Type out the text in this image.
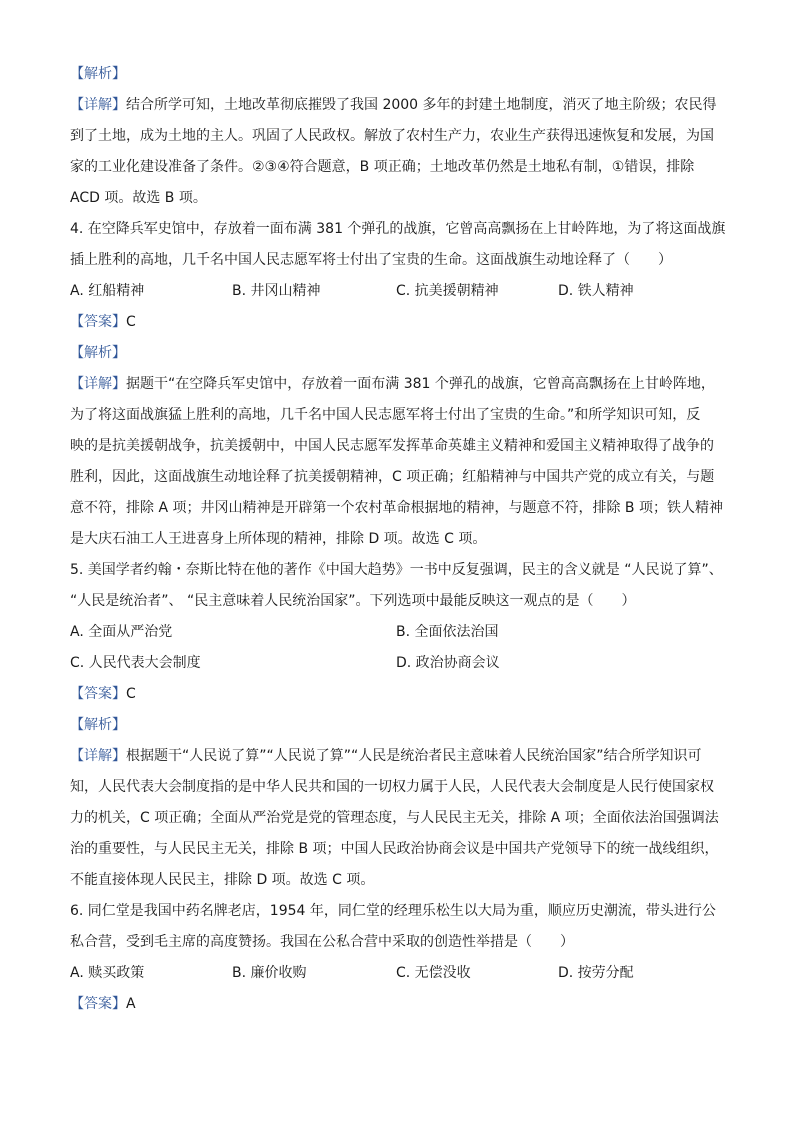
【解析】
【详解】结合所学可知，土地改革彻底摧毁了我国 2000 多年的封建土地制度，消灭了地主阶级；农民得
到了土地，成为土地的主人。巩固了人民政权。解放了农村生产力，农业生产获得迅速恢复和发展，为国
家的工业化建设准备了条件。②③④符合题意，B 项正确；土地改革仍然是土地私有制，①错误，排除
ACD 项。故选 B 项。
4. 在空降兵军史馆中，存放着一面布满 381 个弹孔的战旗，它曾高高飘扬在上甘岭阵地，为了将这面战旗
插上胜利的高地，几千名中国人民志愿军将士付出了宝贵的生命。这面战旗生动地诠释了（　　）
A. 红船精神	B. 井冈山精神	C. 抗美援朝精神	D. 铁人精神
【答案】C
【解析】
【详解】据题干“在空降兵军史馆中，存放着一面布满 381 个弹孔的战旗，它曾高高飘扬在上甘岭阵地，
为了将这面战旗猛上胜利的高地，几千名中国人民志愿军将士付出了宝贵的生命。”和所学知识可知，反
映的是抗美援朝战争，抗美援朝中，中国人民志愿军发挥革命英雄主义精神和爱国主义精神取得了战争的
胜利，因此，这面战旗生动地诠释了抗美援朝精神，C 项正确；红船精神与中国共产党的成立有关，与题
意不符，排除 A 项；井冈山精神是开辟第一个农村革命根据地的精神，与题意不符，排除 B 项；铁人精神
是大庆石油工人王进喜身上所体现的精神，排除 D 项。故选 C 项。
5. 美国学者约翰・奈斯比特在他的著作《中国大趋势》一书中反复强调，民主的含义就是 “人民说了算”、
“人民是统治者”、 “民主意味着人民统治国家”。下列选项中最能反映这一观点的是（　　）
A. 全面从严治党	B. 全面依法治国
C. 人民代表大会制度	D. 政治协商会议
【答案】C
【解析】
【详解】根据题干“人民说了算”“人民说了算”“人民是统治者民主意味着人民统治国家”结合所学知识可
知，人民代表大会制度指的是中华人民共和国的一切权力属于人民，人民代表大会制度是人民行使国家权
力的机关，C 项正确；全面从严治党是党的管理态度，与人民民主无关，排除 A 项；全面依法治国强调法
治的重要性，与人民民主无关，排除 B 项；中国人民政治协商会议是中国共产党领导下的统一战线组织，
不能直接体现人民民主，排除 D 项。故选 C 项。
6. 同仁堂是我国中药名牌老店，1954 年，同仁堂的经理乐松生以大局为重，顺应历史潮流，带头进行公
私合营，受到毛主席的高度赞扬。我国在公私合营中采取的创造性举措是（　　）
A. 赎买政策	B. 廉价收购	C. 无偿没收	D. 按劳分配
【答案】A
